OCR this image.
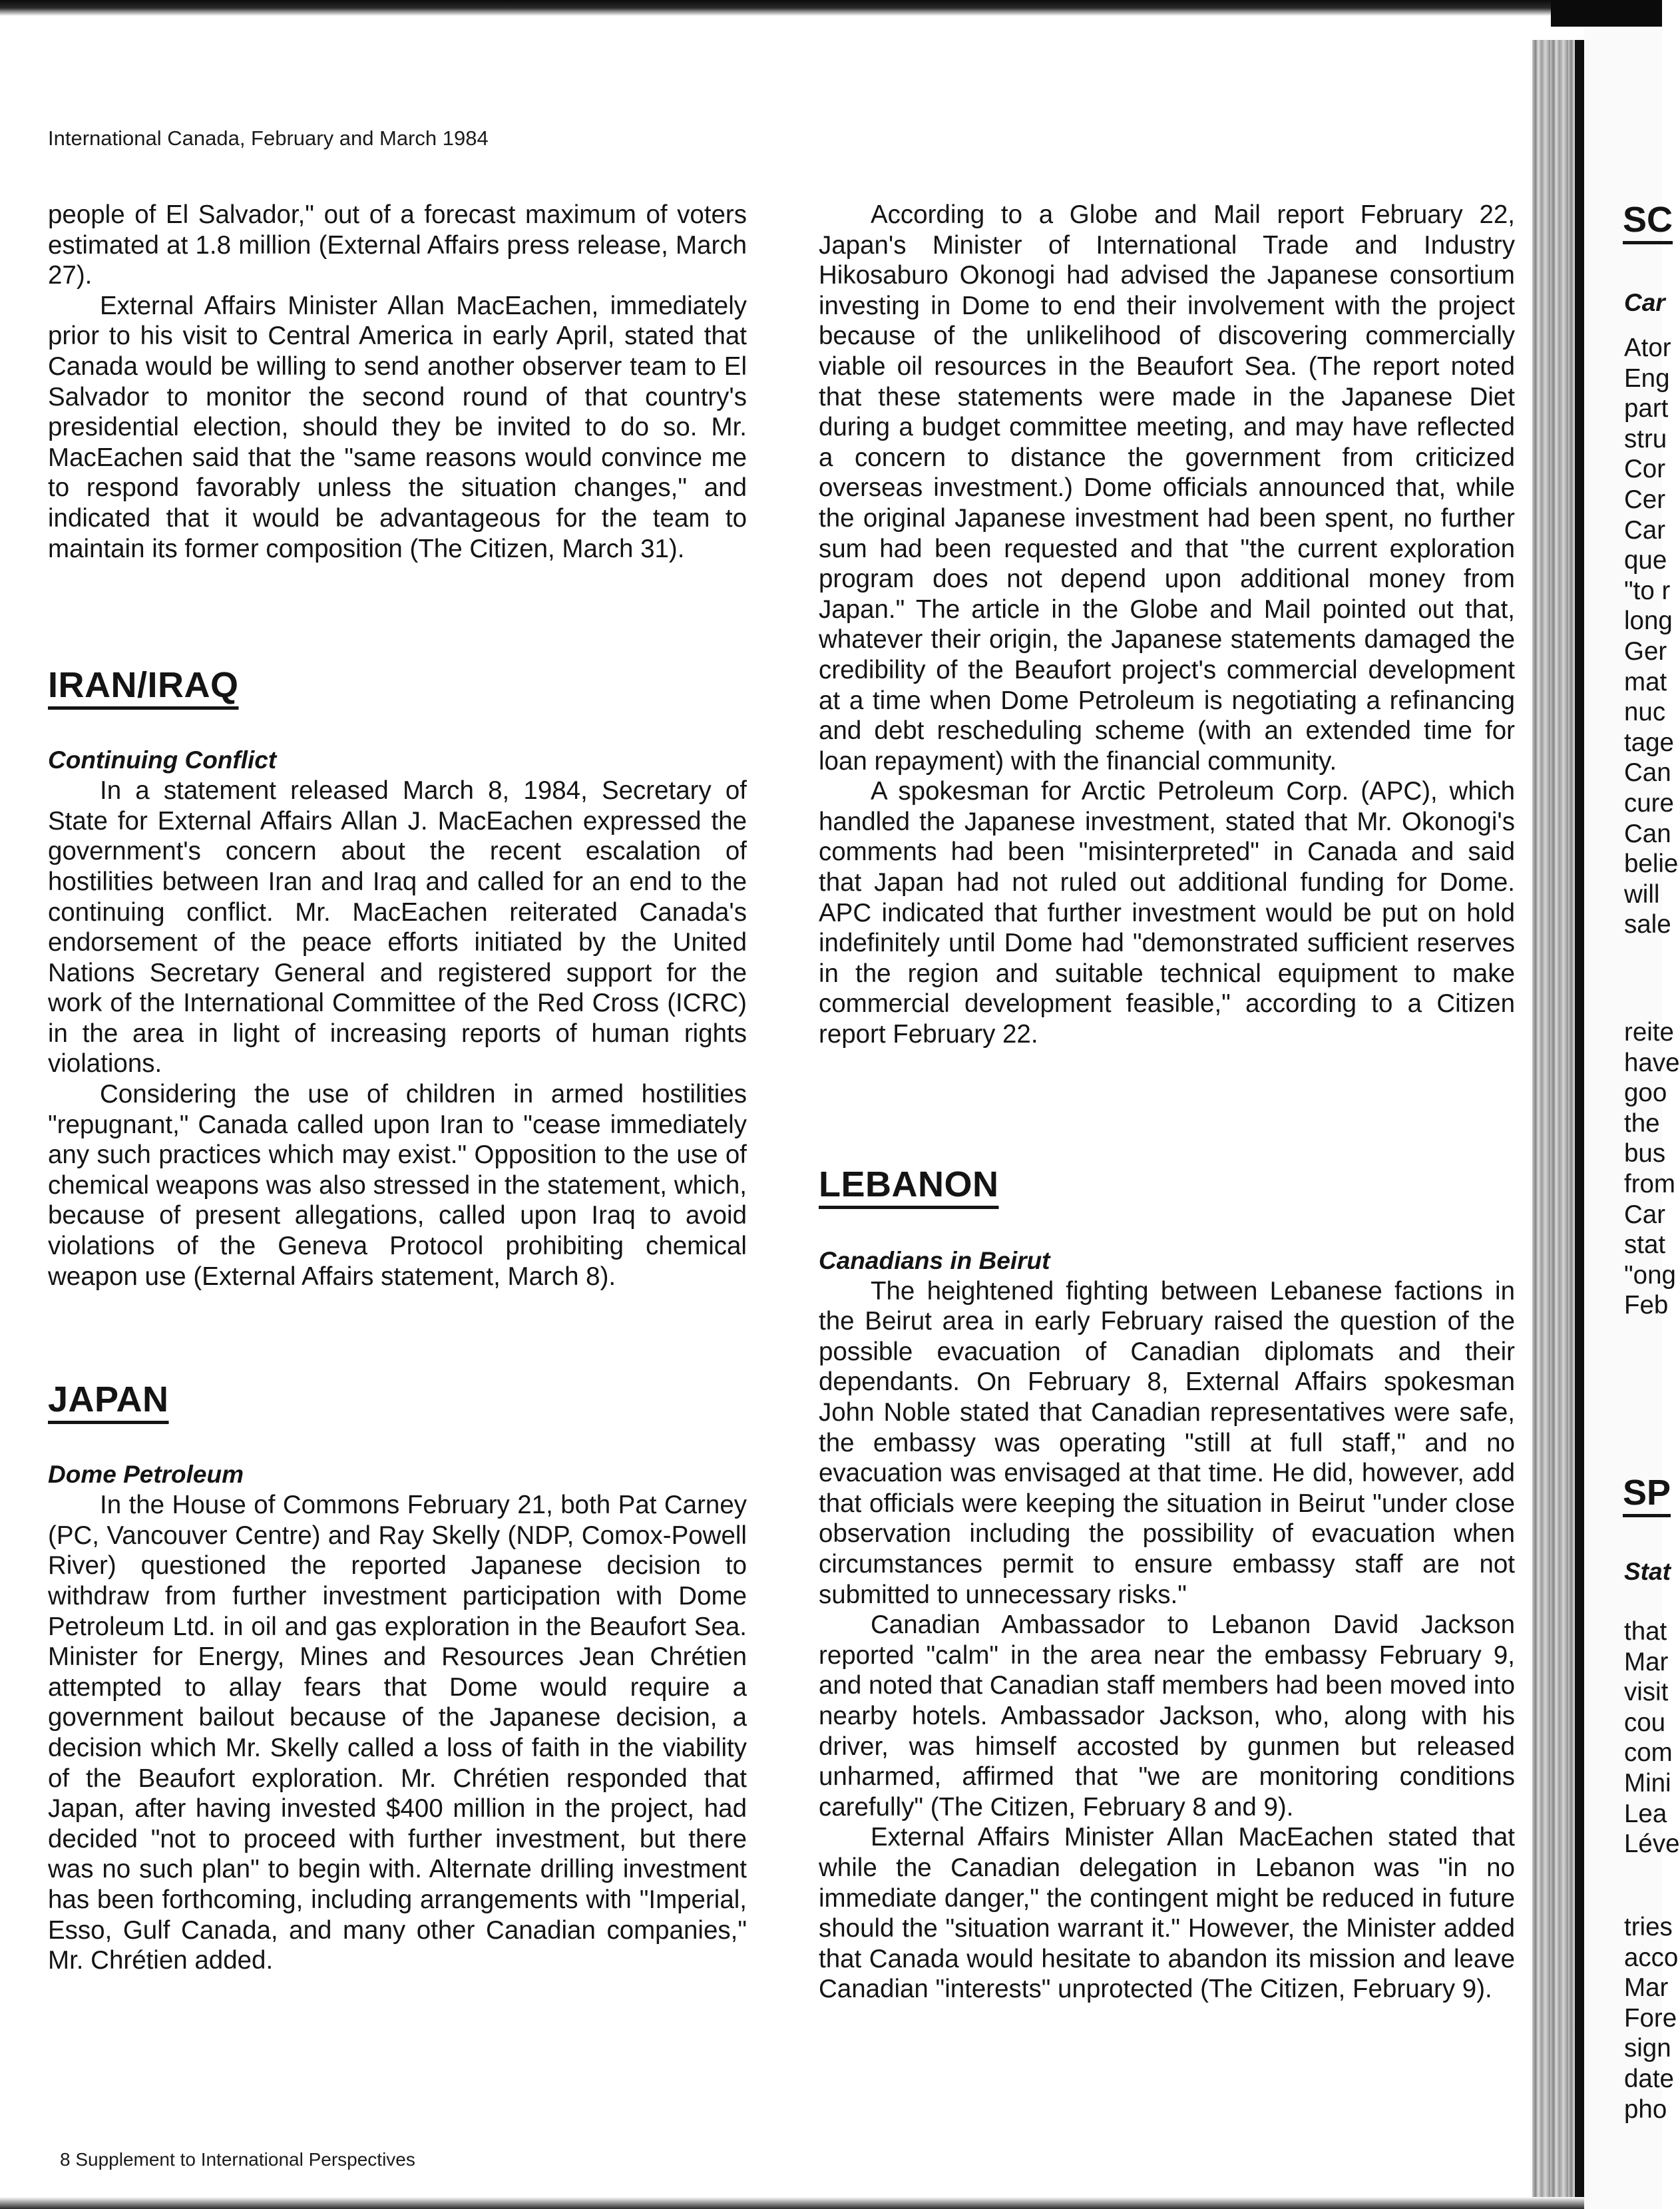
International Canada, February and March 1984

people of El Salvador," out of a forecast maximum of voters estimated at 1.8 million (External Affairs press release, March 27).

External Affairs Minister Allan MacEachen, immediately prior to his visit to Central America in early April, stated that Canada would be willing to send another observer team to El Salvador to monitor the second round of that country's presidential election, should they be invited to do so. Mr. MacEachen said that the "same reasons would convince me to respond favorably unless the situation changes," and indicated that it would be advantageous for the team to maintain its former composition (The Citizen, March 31).

IRAN/IRAQ
Continuing Conflict

In a statement released March 8, 1984, Secretary of State for External Affairs Allan J. MacEachen expressed the government's concern about the recent escalation of hostilities between Iran and Iraq and called for an end to the continuing conflict. Mr. MacEachen reiterated Canada's endorsement of the peace efforts initiated by the United Nations Secretary General and registered support for the work of the International Committee of the Red Cross (ICRC) in the area in light of increasing reports of human rights violations.

Considering the use of children in armed hostilities "repugnant," Canada called upon Iran to "cease immediately any such practices which may exist." Opposition to the use of chemical weapons was also stressed in the statement, which, because of present allegations, called upon Iraq to avoid violations of the Geneva Protocol prohibiting chemical weapon use (External Affairs statement, March 8).

JAPAN
Dome Petroleum

In the House of Commons February 21, both Pat Carney (PC, Vancouver Centre) and Ray Skelly (NDP, Comox-Powell River) questioned the reported Japanese decision to withdraw from further investment participation with Dome Petroleum Ltd. in oil and gas exploration in the Beaufort Sea. Minister for Energy, Mines and Resources Jean Chrétien attempted to allay fears that Dome would require a government bailout because of the Japanese decision, a decision which Mr. Skelly called a loss of faith in the viability of the Beaufort exploration. Mr. Chrétien responded that Japan, after having invested $400 million in the project, had decided "not to proceed with further investment, but there was no such plan" to begin with. Alternate drilling investment has been forthcoming, including arrangements with "Imperial, Esso, Gulf Canada, and many other Canadian companies," Mr. Chrétien added.

According to a Globe and Mail report February 22, Japan's Minister of International Trade and Industry Hikosaburo Okonogi had advised the Japanese consortium investing in Dome to end their involvement with the project because of the unlikelihood of discovering commercially viable oil resources in the Beaufort Sea. (The report noted that these statements were made in the Japanese Diet during a budget committee meeting, and may have reflected a concern to distance the government from criticized overseas investment.) Dome officials announced that, while the original Japanese investment had been spent, no further sum had been requested and that "the current exploration program does not depend upon additional money from Japan." The article in the Globe and Mail pointed out that, whatever their origin, the Japanese statements damaged the credibility of the Beaufort project's commercial development at a time when Dome Petroleum is negotiating a refinancing and debt rescheduling scheme (with an extended time for loan repayment) with the financial community.

A spokesman for Arctic Petroleum Corp. (APC), which handled the Japanese investment, stated that Mr. Okonogi's comments had been "misinterpreted" in Canada and said that Japan had not ruled out additional funding for Dome. APC indicated that further investment would be put on hold indefinitely until Dome had "demonstrated sufficient reserves in the region and suitable technical equipment to make commercial development feasible," according to a Citizen report February 22.

LEBANON
Canadians in Beirut

The heightened fighting between Lebanese factions in the Beirut area in early February raised the question of the possible evacuation of Canadian diplomats and their dependants. On February 8, External Affairs spokesman John Noble stated that Canadian representatives were safe, the embassy was operating "still at full staff," and no evacuation was envisaged at that time. He did, however, add that officials were keeping the situation in Beirut "under close observation including the possibility of evacuation when circumstances permit to ensure embassy staff are not submitted to unnecessary risks."

Canadian Ambassador to Lebanon David Jackson reported "calm" in the area near the embassy February 9, and noted that Canadian staff members had been moved into nearby hotels. Ambassador Jackson, who, along with his driver, was himself accosted by gunmen but released unharmed, affirmed that "we are monitoring conditions carefully" (The Citizen, February 8 and 9).

External Affairs Minister Allan MacEachen stated that while the Canadian delegation in Lebanon was "in no immediate danger," the contingent might be reduced in future should the "situation warrant it." However, the Minister added that Canada would hesitate to abandon its mission and leave Canadian "interests" unprotected (The Citizen, February 9).

SC
Car
Ator
Eng
part
stru
Cor
Cer
Car
que
"to r
long
Ger
mat
nuc
tage
Can
cure
Can
belie
will
sale
reite
have
goo
the
bus
from
Car
stat
"ong
Feb
SP
Stat
that
Mar
visit
cou
com
Mini
Lea
Léve
tries
acco
Mar
Fore
sign
date
pho
8 Supplement to International Perspectives
